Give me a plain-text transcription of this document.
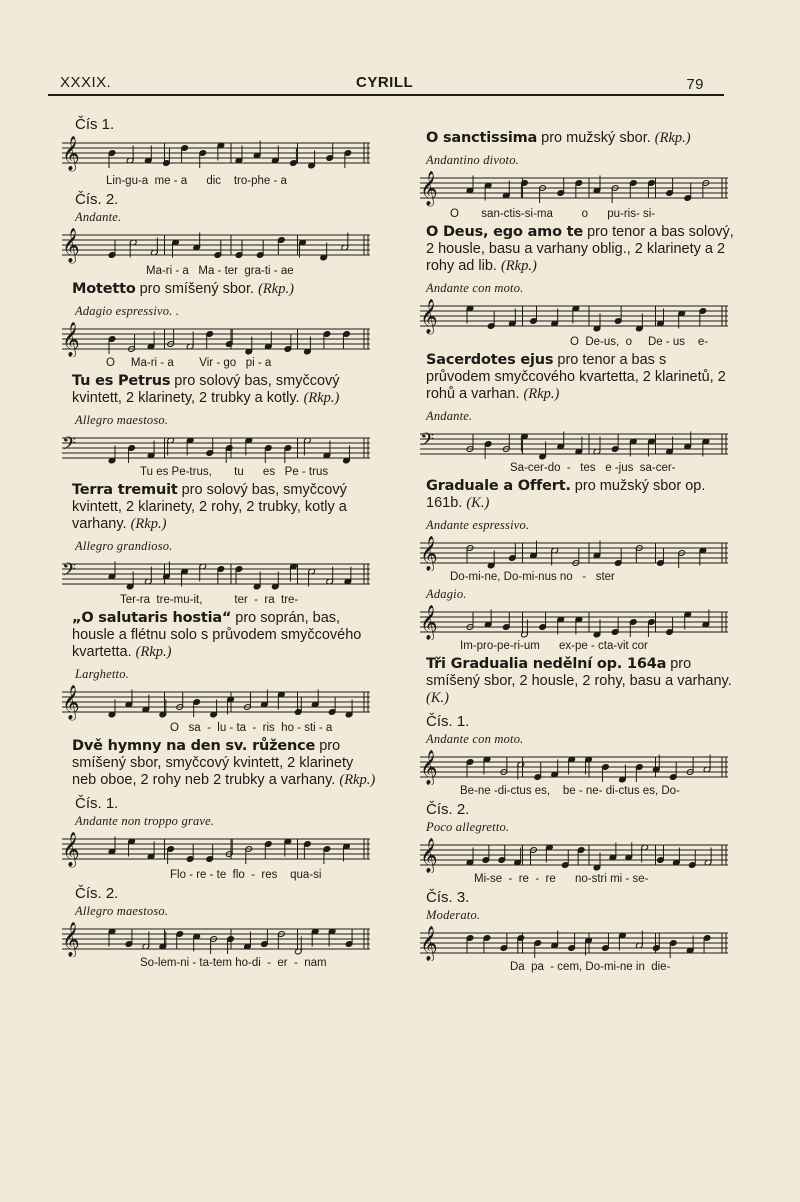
XXXIX.	CYRILL	79
Čís 1.
𝄞
Lin-gu-a  me - a      dic    tro-phe - a
Čís. 2.
Andante.
𝄞
Ma-ri - a   Ma - ter  gra-ti - ae
Motetto pro smíšený sbor. (Rkp.)
Adagio espressivo. .
𝄞
O     Ma-ri - a        Vir - go   pi - a
Tu es Petrus pro solový bas, smyčcový kvintett, 2 klarinety, 2 trubky a kotly. (Rkp.)
Allegro maestoso.
𝄢
Tu es Pe-trus,       tu      es   Pe - trus
Terra tremuit pro solový bas, smyčcový kvintett, 2 klarinety, 2 rohy, 2 trubky, kotly a varhany. (Rkp.)
Allegro grandioso.
𝄢
Ter-ra  tre-mu-it,          ter  -  ra  tre-
„O salutaris hostia“ pro soprán, bas, housle a flétnu solo s průvodem smyčcového kvartetta. (Rkp.)
Larghetto.
𝄞
O   sa  -  lu - ta  -  ris  ho - sti - a
Dvě hymny na den sv. růžence pro smíšený sbor, smyčcový kvintett, 2 klarinety neb oboe, 2 rohy neb 2 trubky a varhany. (Rkp.)
Čís. 1.
Andante non troppo grave.
𝄞
Flo - re - te  flo  -  res    qua-si
Čís. 2.
Allegro maestoso.
𝄞
So-lem-ni - ta-tem ho-di  -  er  -  nam
O sanctissima pro mužský sbor. (Rkp.)
Andantino divoto.
𝄞
O       san-ctis-si-ma         o      pu-ris- si-
O Deus, ego amo te pro tenor a bas solový, 2 housle, basu a varhany oblig., 2 klarinety a 2 rohy ad lib. (Rkp.)
Andante con moto.
𝄞
O  De-us,  o     De - us    e-
Sacerdotes ejus pro tenor a bas s průvodem smyčcového kvartetta, 2 klarinetů, 2 rohů a varhan. (Rkp.)
Andante.
𝄢
Sa-cer-do  -   tes   e -jus  sa-cer-
Graduale a Offert. pro mužský sbor op. 161b. (K.)
Andante espressivo.
𝄞
Do-mi-ne, Do-mi-nus no   -   ster
Adagio.
𝄞
Im-pro-pe-ri-um      ex-pe - cta-vit cor
Tři Gradualia nedělní op. 164a pro smíšený sbor, 2 housle, 2 rohy, basu a varhany. (K.)
Čís. 1.
Andante con moto.
𝄞
Be-ne -di-ctus es,    be - ne- di-ctus es, Do-
Čís. 2.
Poco allegretto.
𝄞
Mi-se  -  re  -  re      no-stri mi - se-
Čís. 3.
Moderato.
𝄞
Da  pa  - cem, Do-mi-ne in  die-
